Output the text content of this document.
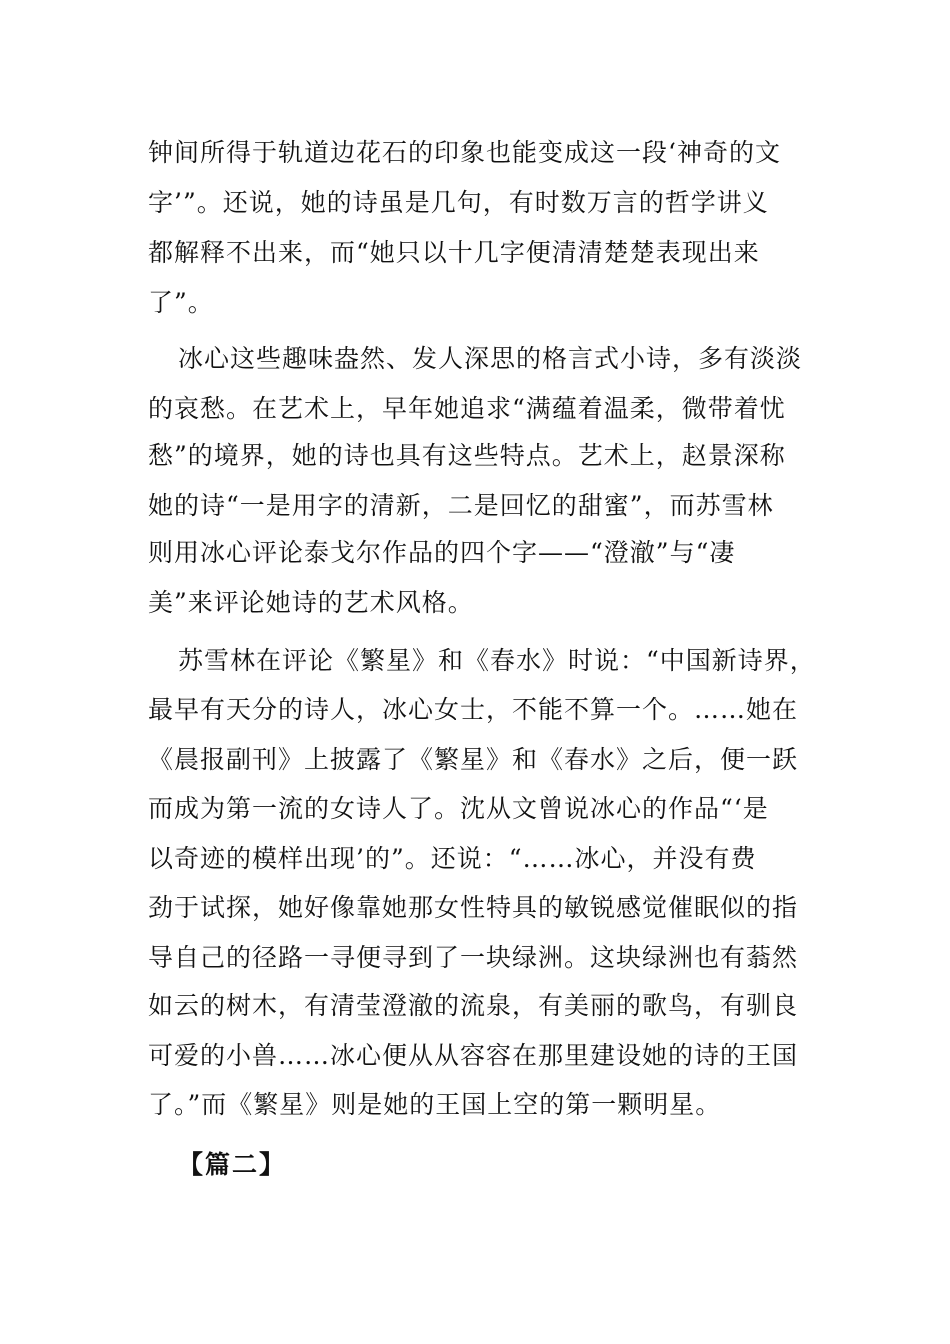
钟间所得于轨道边花石的印象也能变成这一段‘神奇的文
字’”。还说，她的诗虽是几句，有时数万言的哲学讲义
都解释不出来，而“她只以十几字便清清楚楚表现出来
了”。
冰心这些趣味盎然、发人深思的格言式小诗，多有淡淡
的哀愁。在艺术上，早年她追求“满蕴着温柔，微带着忧
愁”的境界，她的诗也具有这些特点。艺术上，赵景深称
她的诗“一是用字的清新，二是回忆的甜蜜”，而苏雪林
则用冰心评论泰戈尔作品的四个字——“澄澈”与“凄
美”来评论她诗的艺术风格。
苏雪林在评论《繁星》和《春水》时说：“中国新诗界，
最早有天分的诗人，冰心女士，不能不算一个。……她在
《晨报副刊》上披露了《繁星》和《春水》之后，便一跃
而成为第一流的女诗人了。沈从文曾说冰心的作品“‘是
以奇迹的模样出现’的”。还说：“……冰心，并没有费
劲于试探，她好像靠她那女性特具的敏锐感觉催眠似的指
导自己的径路一寻便寻到了一块绿洲。这块绿洲也有蓊然
如云的树木，有清莹澄澈的流泉，有美丽的歌鸟，有驯良
可爱的小兽……冰心便从从容容在那里建设她的诗的王国
了。”而《繁星》则是她的王国上空的第一颗明星。
【篇二】
